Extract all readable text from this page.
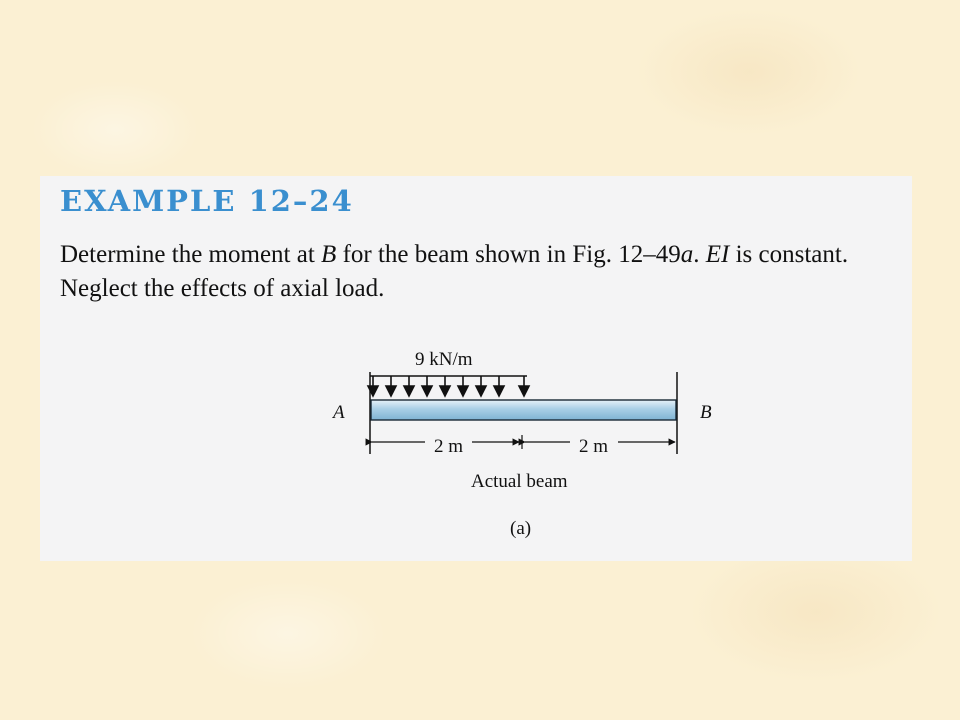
EXAMPLE 12–24

Determine the moment at B for the beam shown in Fig. 12–49a. EI is constant. Neglect the effects of axial load.

9 kN/m
A	B
2 m	2 m
Actual beam
(a)
